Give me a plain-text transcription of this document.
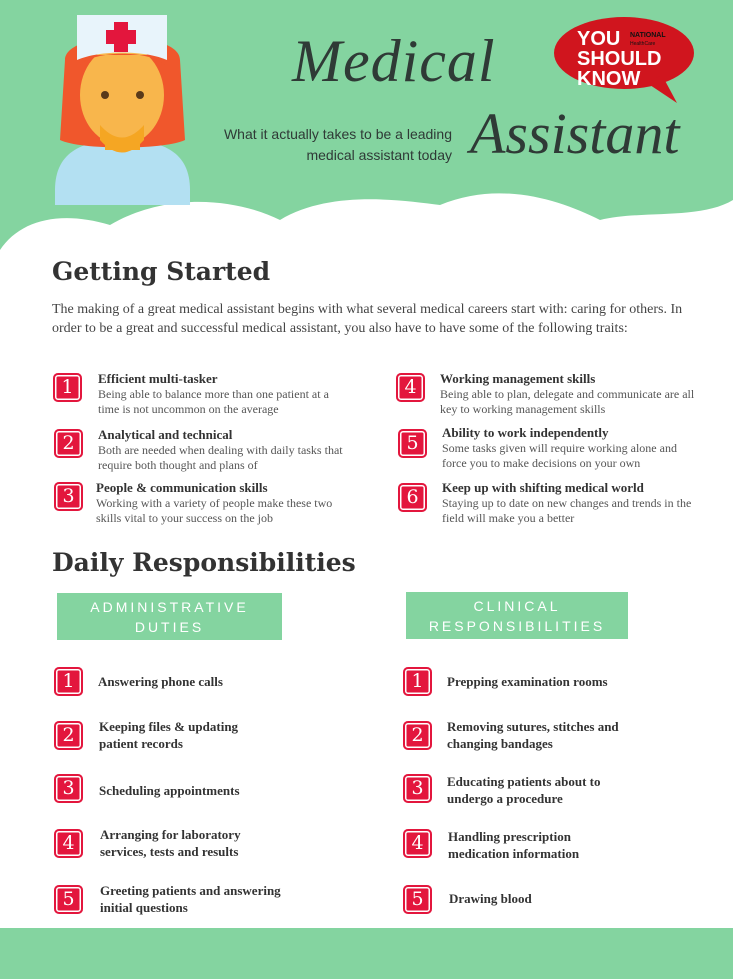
Medical
Assistant
What it actually takes to be a leading
medical assistant today
YOU
SHOULD
KNOW
NATIONAL
HealthCare
Getting Started

The making of a great medical assistant begins with what several medical careers start with: caring for others. In order to be a great and successful medical assistant, you also have to have some of the following traits:

1	Efficient multi-tasker
Being able to balance more than one patient at a time is not uncommon on the average
2	Analytical and technical
Both are needed when dealing with daily tasks that require both thought and plans of
3	People & communication skills
Working with a variety of people make these two skills vital to your success on the job
4	Working management skills
Being able to plan, delegate and communicate are all key to working management skills
5	Ability to work independently
Some tasks given will require working alone and force you to make decisions on your own
6	Keep up with shifting medical world
Staying up to date on new changes and trends in the field will make you a better
Daily Responsibilities
ADMINISTRATIVE DUTIES
CLINICAL RESPONSIBILITIES
1	Answering phone calls
2	Keeping files & updating patient records
3	Scheduling appointments
4	Arranging for laboratory services, tests and results
5	Greeting patients and answering initial questions
1	Prepping examination rooms
2	Removing sutures, stitches and changing bandages
3	Educating patients about to undergo a procedure
4	Handling prescription medication information
5	Drawing blood
